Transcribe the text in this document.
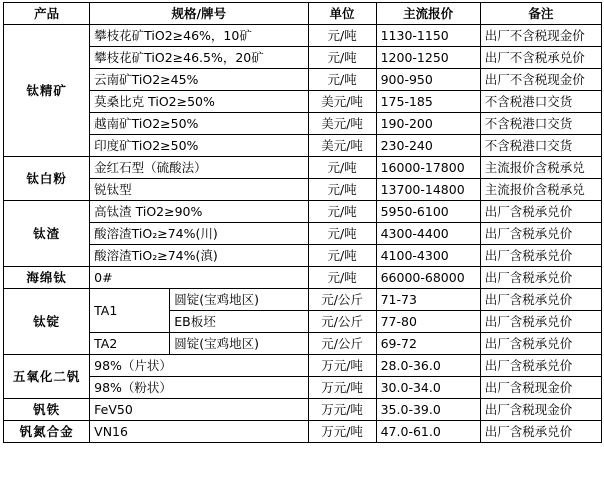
产品	规格/牌号		单位	主流报价	备注
钛精矿	攀枝花矿TiO2≥46%，10矿		元/吨	1130-1150	出厂不含税现金价
	攀枝花矿TiO2≥46.5%，20矿		元/吨	1200-1250	出厂不含税承兑价
	云南矿TiO2≥45%		元/吨	900-950	出厂不含税现金价
	莫桑比克 TiO2≥50%		美元/吨	175-185	不含税港口交货
	越南矿TiO2≥50%		美元/吨	190-200	不含税港口交货
	印度矿TiO2≥50%		美元/吨	230-240	不含税港口交货
钛白粉	金红石型（硫酸法）		元/吨	16000-17800	主流报价含税承兑
	锐钛型		元/吨	13700-14800	主流报价含税承兑
钛渣	高钛渣 TiO2≥90%		元/吨	5950-6100	出厂含税承兑价
	酸溶渣TiO₂≥74%(川)		元/吨	4300-4400	出厂含税承兑价
	酸溶渣TiO₂≥74%(滇)		元/吨	4100-4300	出厂含税承兑价
海绵钛	0#		元/吨	66000-68000	出厂含税承兑价
钛锭	TA1	圆锭(宝鸡地区)	元/公斤	71-73	出厂含税承兑价
		EB板坯	元/公斤	77-80	出厂含税承兑价
	TA2	圆锭(宝鸡地区)	元/公斤	69-72	出厂含税承兑价
五氧化二钒	98%（片状）		万元/吨	28.0-36.0	出厂含税承兑价
	98%（粉状）		万元/吨	30.0-34.0	出厂含税现金价
钒铁	FeV50		万元/吨	35.0-39.0	出厂含税现金价
钒氮合金	VN16		万元/吨	47.0-61.0	出厂含税承兑价
